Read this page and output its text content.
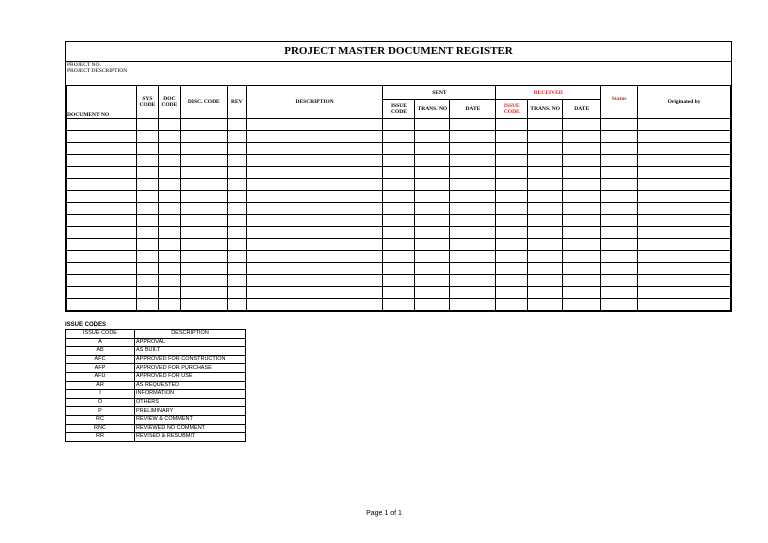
PROJECT MASTER DOCUMENT REGISTER
PROJECT NO.
PROJECT DESCRIPTION
DOCUMENT NO	SYS CODE	DOC CODE	DISC. CODE	REV	DESCRIPTION	SENT			RECEIVED			Status	Originated by
						ISSUE CODE	TRANS. NO	DATE	ISSUE CODE	TRANS. NO	DATE		

ISSUE CODES
ISSUE CODE	DESCRIPTION
A	APPROVAL
AB	AS BUILT
AFC	APPROVED FOR CONSTRUCTION
AFP	APPROVED FOR PURCHASE
AFU	APPROVED FOR USE
AR	AS REQUESTED
I	INFORMATION
O	OTHERS
P	PRELIMINARY
RC	REVIEW & COMMENT
RNC	REVIEWED NO COMMENT
RR	REVISED & RESUBMIT
Page 1 of 1
